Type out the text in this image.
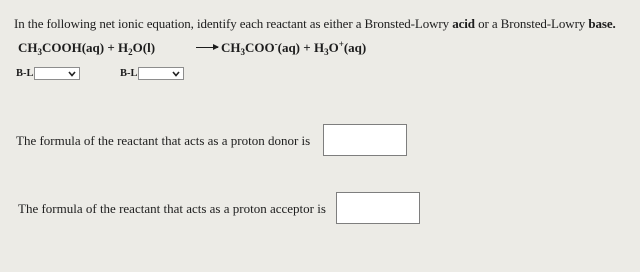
In the following net ionic equation, identify each reactant as either a Bronsted-Lowry acid or a Bronsted-Lowry base.
$CH_3COOH(aq) + H_2O(l)$	→ $CH_3COO^-(aq) + H_3O^+(aq)$
B-L	B-L
The formula of the reactant that acts as a proton donor is
The formula of the reactant that acts as a proton acceptor is
